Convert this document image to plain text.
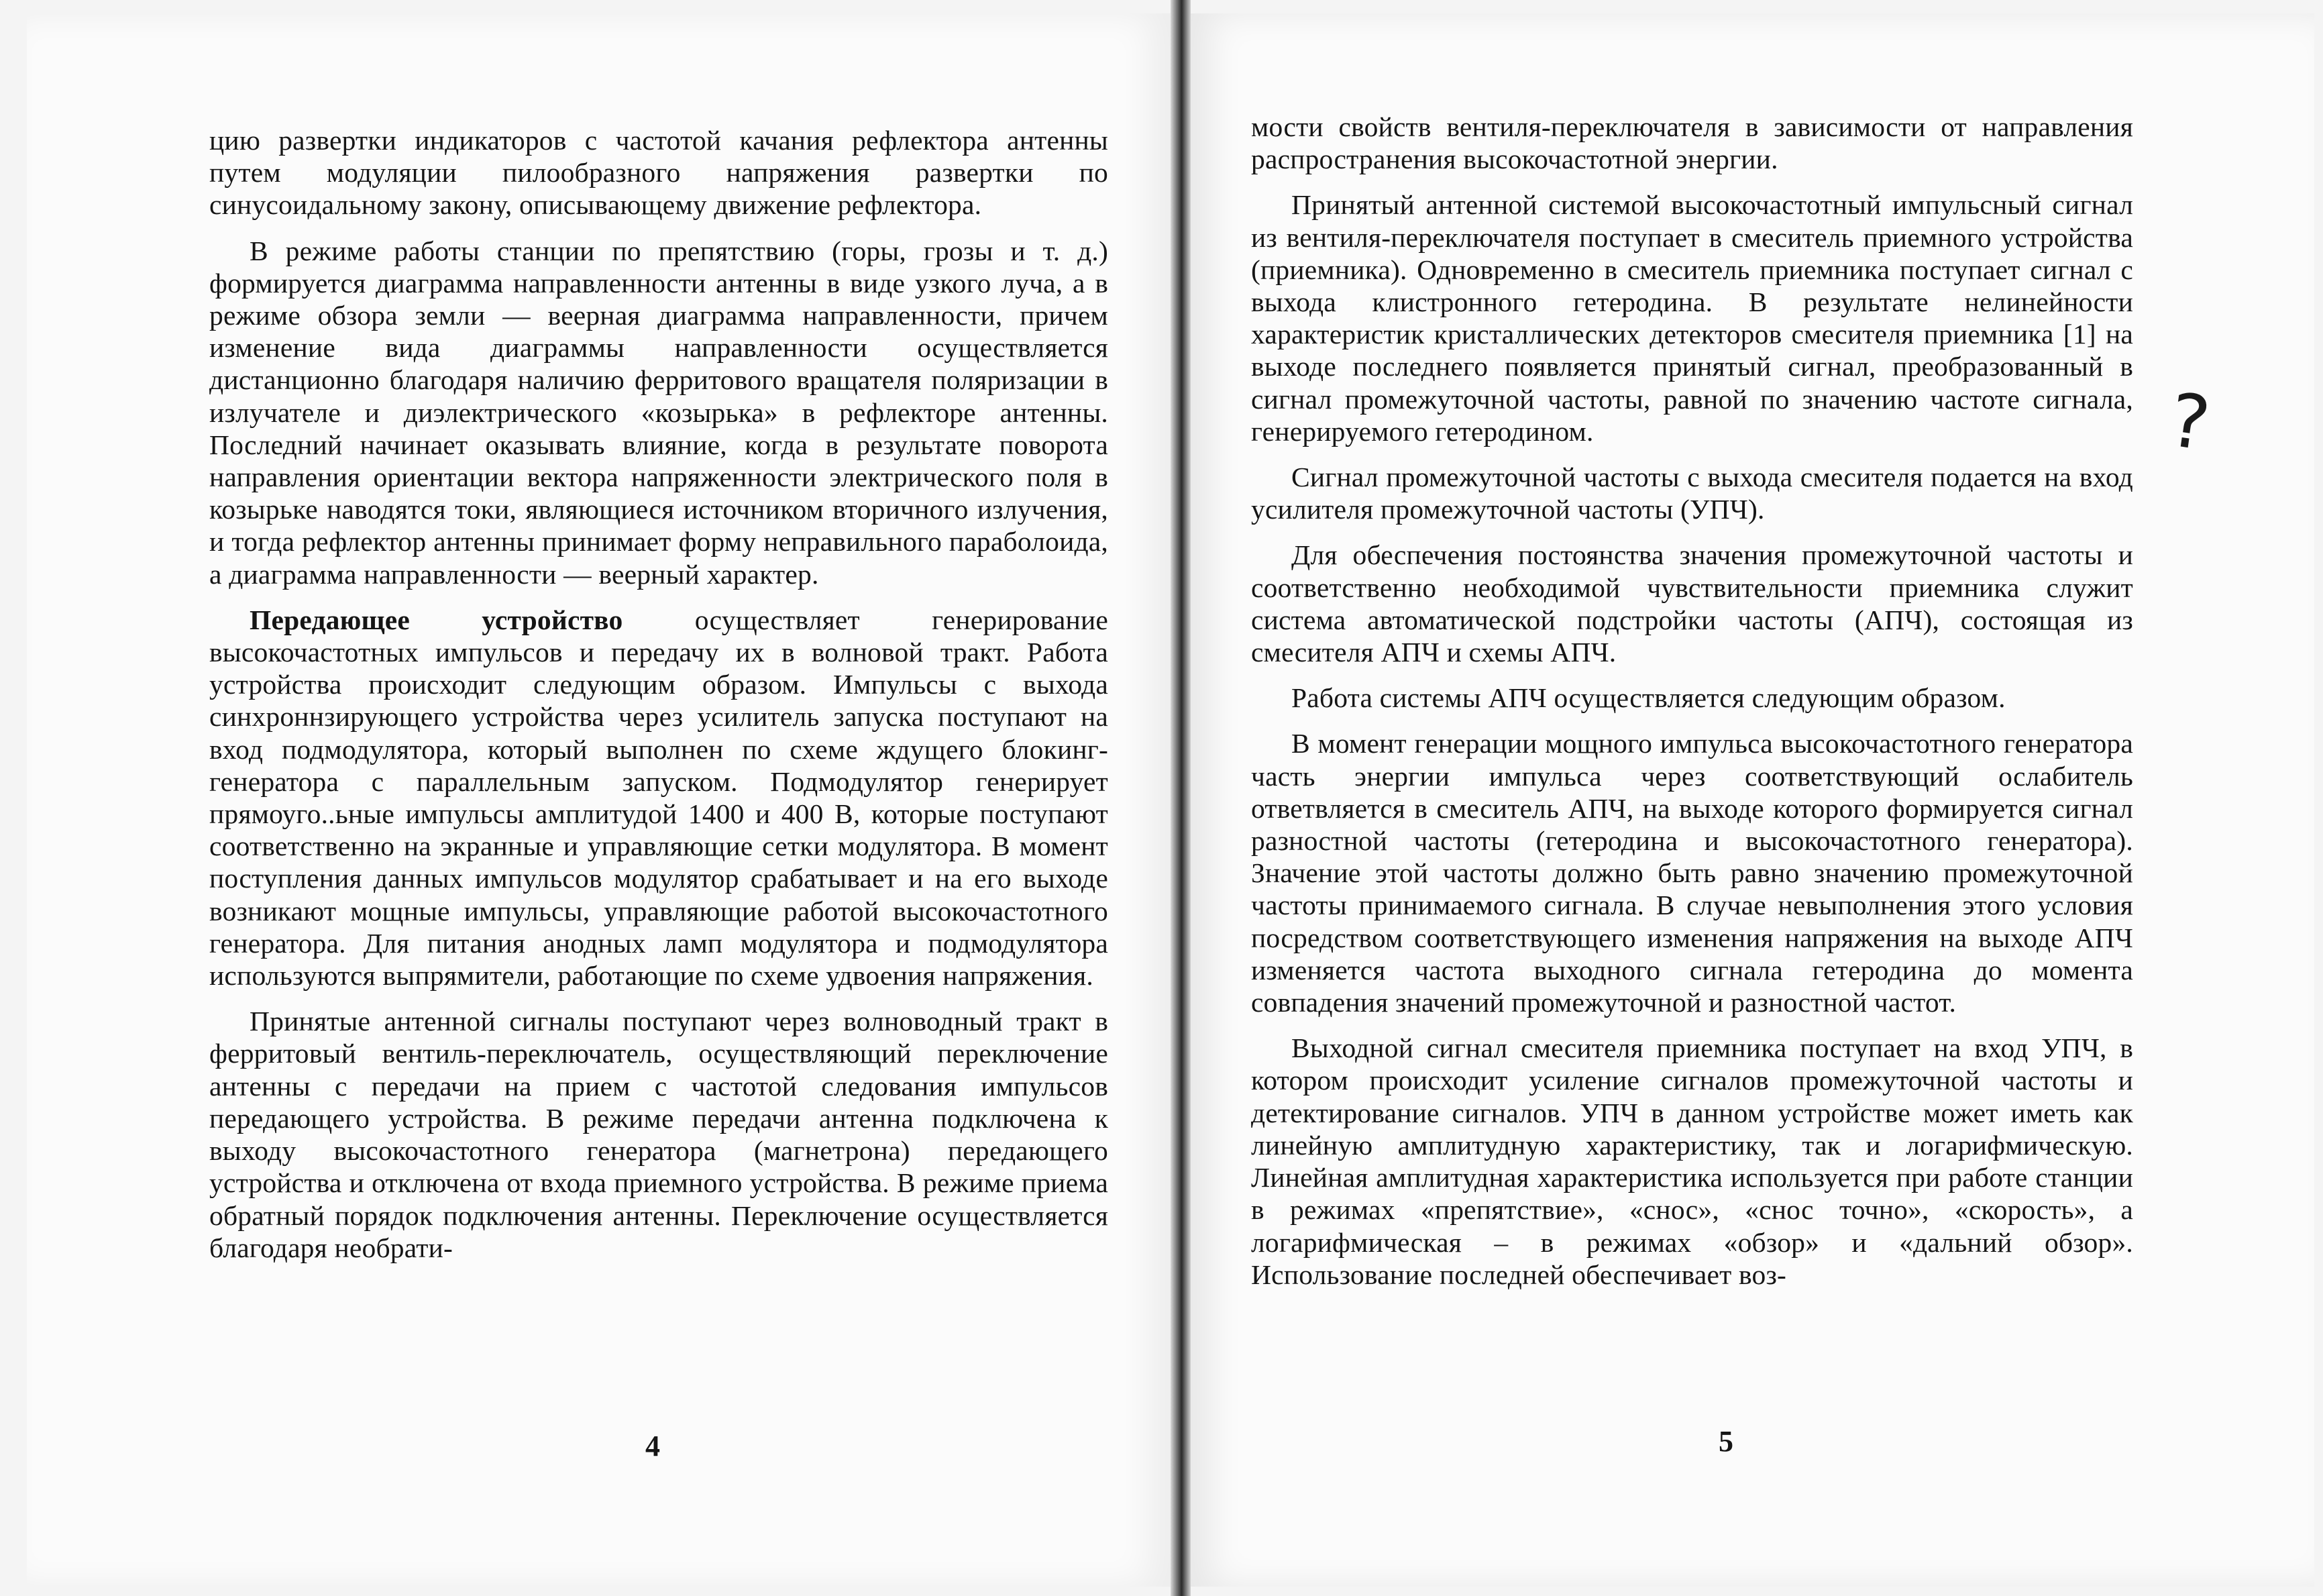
цию развертки индикаторов с частотой качания рефлектора антенны путем модуляции пилообразного напряжения развертки по синусоидальному закону, описывающему движение рефлектора.

В режиме работы станции по препятствию (горы, грозы и т. д.) формируется диаграмма направленности антенны в виде узкого луча, а в режиме обзора земли — веерная диаграмма направленности, причем изменение вида диаграммы направленности осуществляется дистанционно благодаря наличию ферритового вращателя поляризации в излучателе и диэлектрического «козырька» в рефлекторе антенны. Последний начинает оказывать влияние, когда в результате поворота направления ориентации вектора напряженности электрического поля в козырьке наводятся токи, являющиеся источником вторичного излучения, и тогда рефлектор антенны принимает форму неправильного параболоида, а диаграмма направленности — веерный характер.

Передающее устройство	осуществляет генерирование высокочастотных импульсов и передачу их в волновой тракт. Работа устройства происходит следующим образом. Импульсы с выхода синхроннзирующего устройства через усилитель запуска поступают на вход подмодулятора, который выполнен по схеме ждущего блокинг-генератора с параллельным запуском. Подмодулятор генерирует прямоуго..ьные импульсы амплитудой 1400 и 400 В, которые поступают соответственно на экранные и управляющие сетки модулятора. В момент поступления данных импульсов модулятор срабатывает и на его выходе возникают мощные импульсы, управляющие работой высокочастотного генератора. Для питания анодных ламп модулятора и подмодулятора используются выпрямители, работающие по схеме удвоения напряжения.

Принятые антенной сигналы поступают через волноводный тракт в ферритовый вентиль-переключатель, осуществляющий переключение антенны с передачи на прием с частотой следования импульсов передающего устройства. В режиме передачи антенна подключена к выходу высокочастотного генератора (магнетрона) передающего устройства и отключена от входа приемного устройства. В режиме приема обратный порядок подключения антенны. Переключение осуществляется благодаря необрати-

4

мости свойств вентиля-переключателя в зависимости от направления распространения высокочастотной энергии.

Принятый антенной системой высокочастотный импульсный сигнал из вентиля-переключателя поступает в смеситель приемного устройства (приемника). Одновременно в смеситель приемника поступает сигнал с выхода клистронного гетеродина. В результате нелинейности характеристик кристаллических детекторов смесителя приемника [1] на выходе последнего появляется принятый сигнал, преобразованный в сигнал промежуточной частоты, равной по значению частоте сигнала, генерируемого гетеродином.

Сигнал промежуточной частоты с выхода смесителя подается на вход усилителя промежуточной частоты (УПЧ).

Для обеспечения постоянства значения промежуточной частоты и соответственно необходимой чувствительности приемника служит система автоматической подстройки частоты (АПЧ), состоящая из смесителя АПЧ и схемы АПЧ.

Работа системы АПЧ осуществляется следующим образом.

В момент генерации мощного импульса высокочастотного генератора часть энергии импульса через соответствующий ослабитель ответвляется в смеситель АПЧ, на выходе которого формируется сигнал разностной частоты (гетеродина и высокочастотного генератора). Значение этой частоты должно быть равно значению промежуточной частоты принимаемого сигнала. В случае невыполнения этого условия посредством соответствующего изменения напряжения на выходе АПЧ изменяется частота выходного сигнала гетеродина до момента совпадения значений промежуточной и разностной частот.

Выходной сигнал смесителя приемника поступает на вход УПЧ, в котором происходит усиление сигналов промежуточной частоты и детектирование сигналов. УПЧ в данном устройстве может иметь как линейную амплитудную характеристику, так и логарифмическую. Линейная амплитудная характеристика используется при работе станции в режимах «препятствие», «снос», «снос точно», «скорость», а логарифмическая – в режимах «обзор» и «дальний обзор». Использование последней обеспечивает воз-

?
5
